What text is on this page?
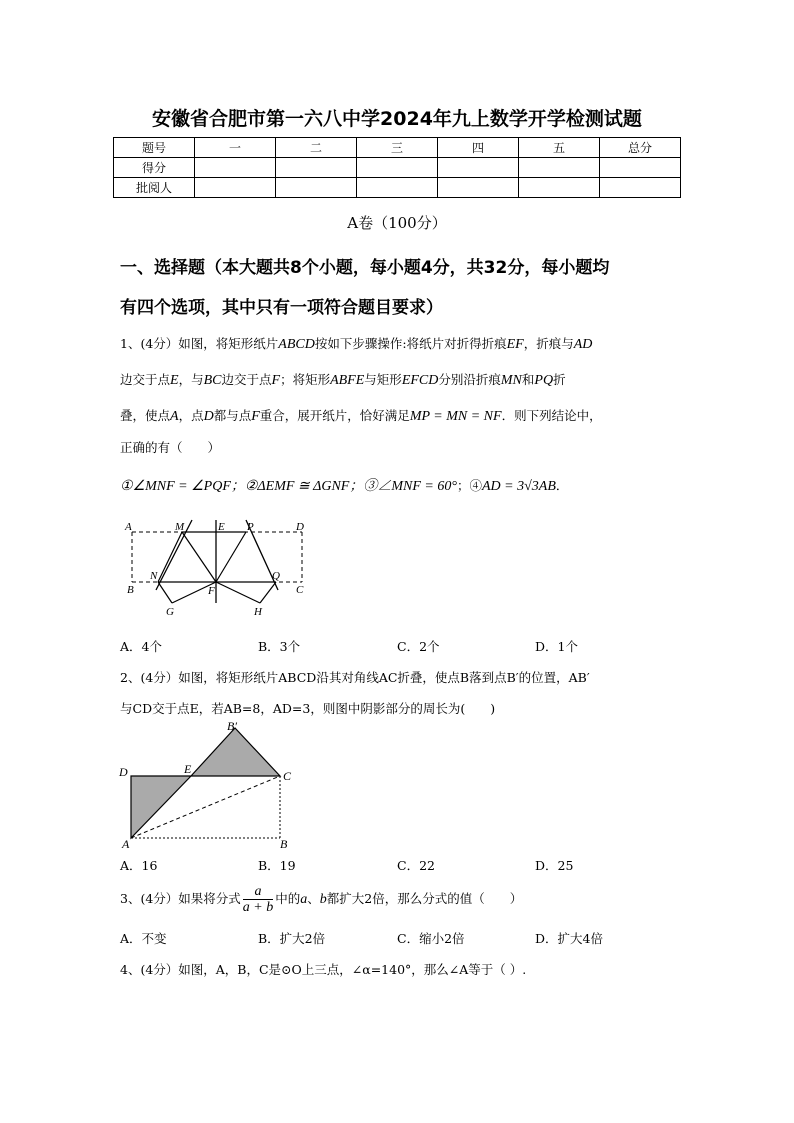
安徽省合肥市第一六八中学2024年九上数学开学检测试题
题号	一	二	三	四	五	总分
得分						
批阅人						
A卷（100分）
一、选择题（本大题共8个小题，每小题4分，共32分，每小题均
有四个选项，其中只有一项符合题目要求）
1、(4分）如图，将矩形纸片ABCD按如下步骤操作:将纸片对折得折痕EF，折痕与AD
边交于点E，与BC边交于点F；将矩形ABFE与矩形EFCD分别沿折痕MN和PQ折
叠，使点A，点D都与点F重合，展开纸片，恰好满足MP = MN = NF．则下列结论中，
正确的有（　　）
①∠MNF = ∠PQF；②ΔEMF ≅ ΔGNF；③∠MNF = 60°；④AD = 3√3AB．
A	M	E P	D
N
F
Q
B	C
G	H
A．4个	B．3个	C．2个	D．1个
2、(4分）如图，将矩形纸片ABCD沿其对角线AC折叠，使点B落到点B′的位置，AB′
与CD交于点E，若AB=8，AD=3，则图中阴影部分的周长为(　　)
B′
D	E	C
A	B
A．16	B．19	C．22	D．25
3、(4分）如果将分式 $\frac{a}{a + b}$ 中的a、b都扩大2倍，那么分式的值（　　）
A．不变	B．扩大2倍	C．缩小2倍	D．扩大4倍
4、(4分）如图，A，B，C是⊙O上三点，∠α=140°，那么∠A等于（ ）.
